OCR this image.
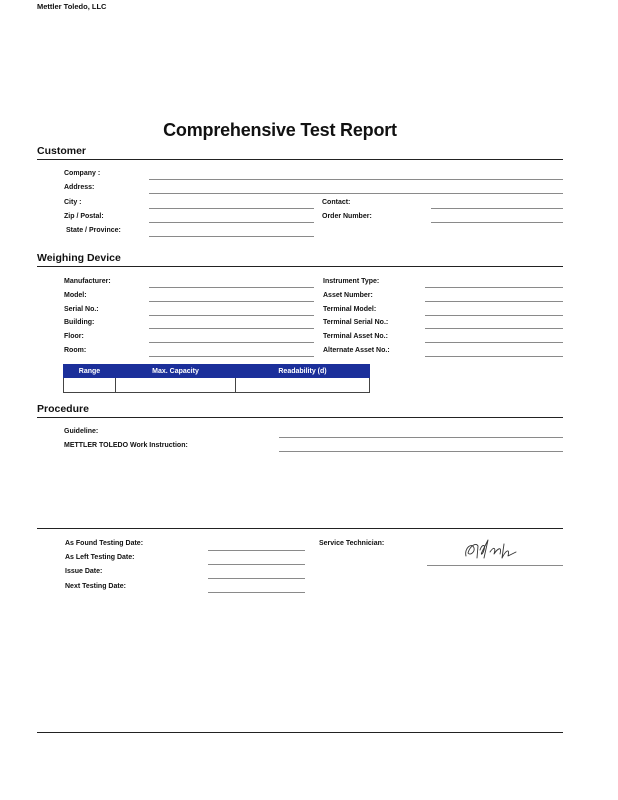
Mettler Toledo, LLC
Comprehensive Test Report
Customer
Company :
Address:
City :	Contact:
Zip / Postal:	Order Number:
State / Province:
Weighing Device
Manufacturer:	Instrument Type:
Model:	Asset Number:
Serial No.:	Terminal Model:
Building:	Terminal Serial No.:
Floor:	Terminal Asset No.:
Room:	Alternate Asset No.:
Range	Max. Capacity	Readability (d)

Procedure
Guideline:
METTLER TOLEDO Work Instruction:
As Found Testing Date:	Service Technician:
As Left Testing Date:
Issue Date:
Next Testing Date:
